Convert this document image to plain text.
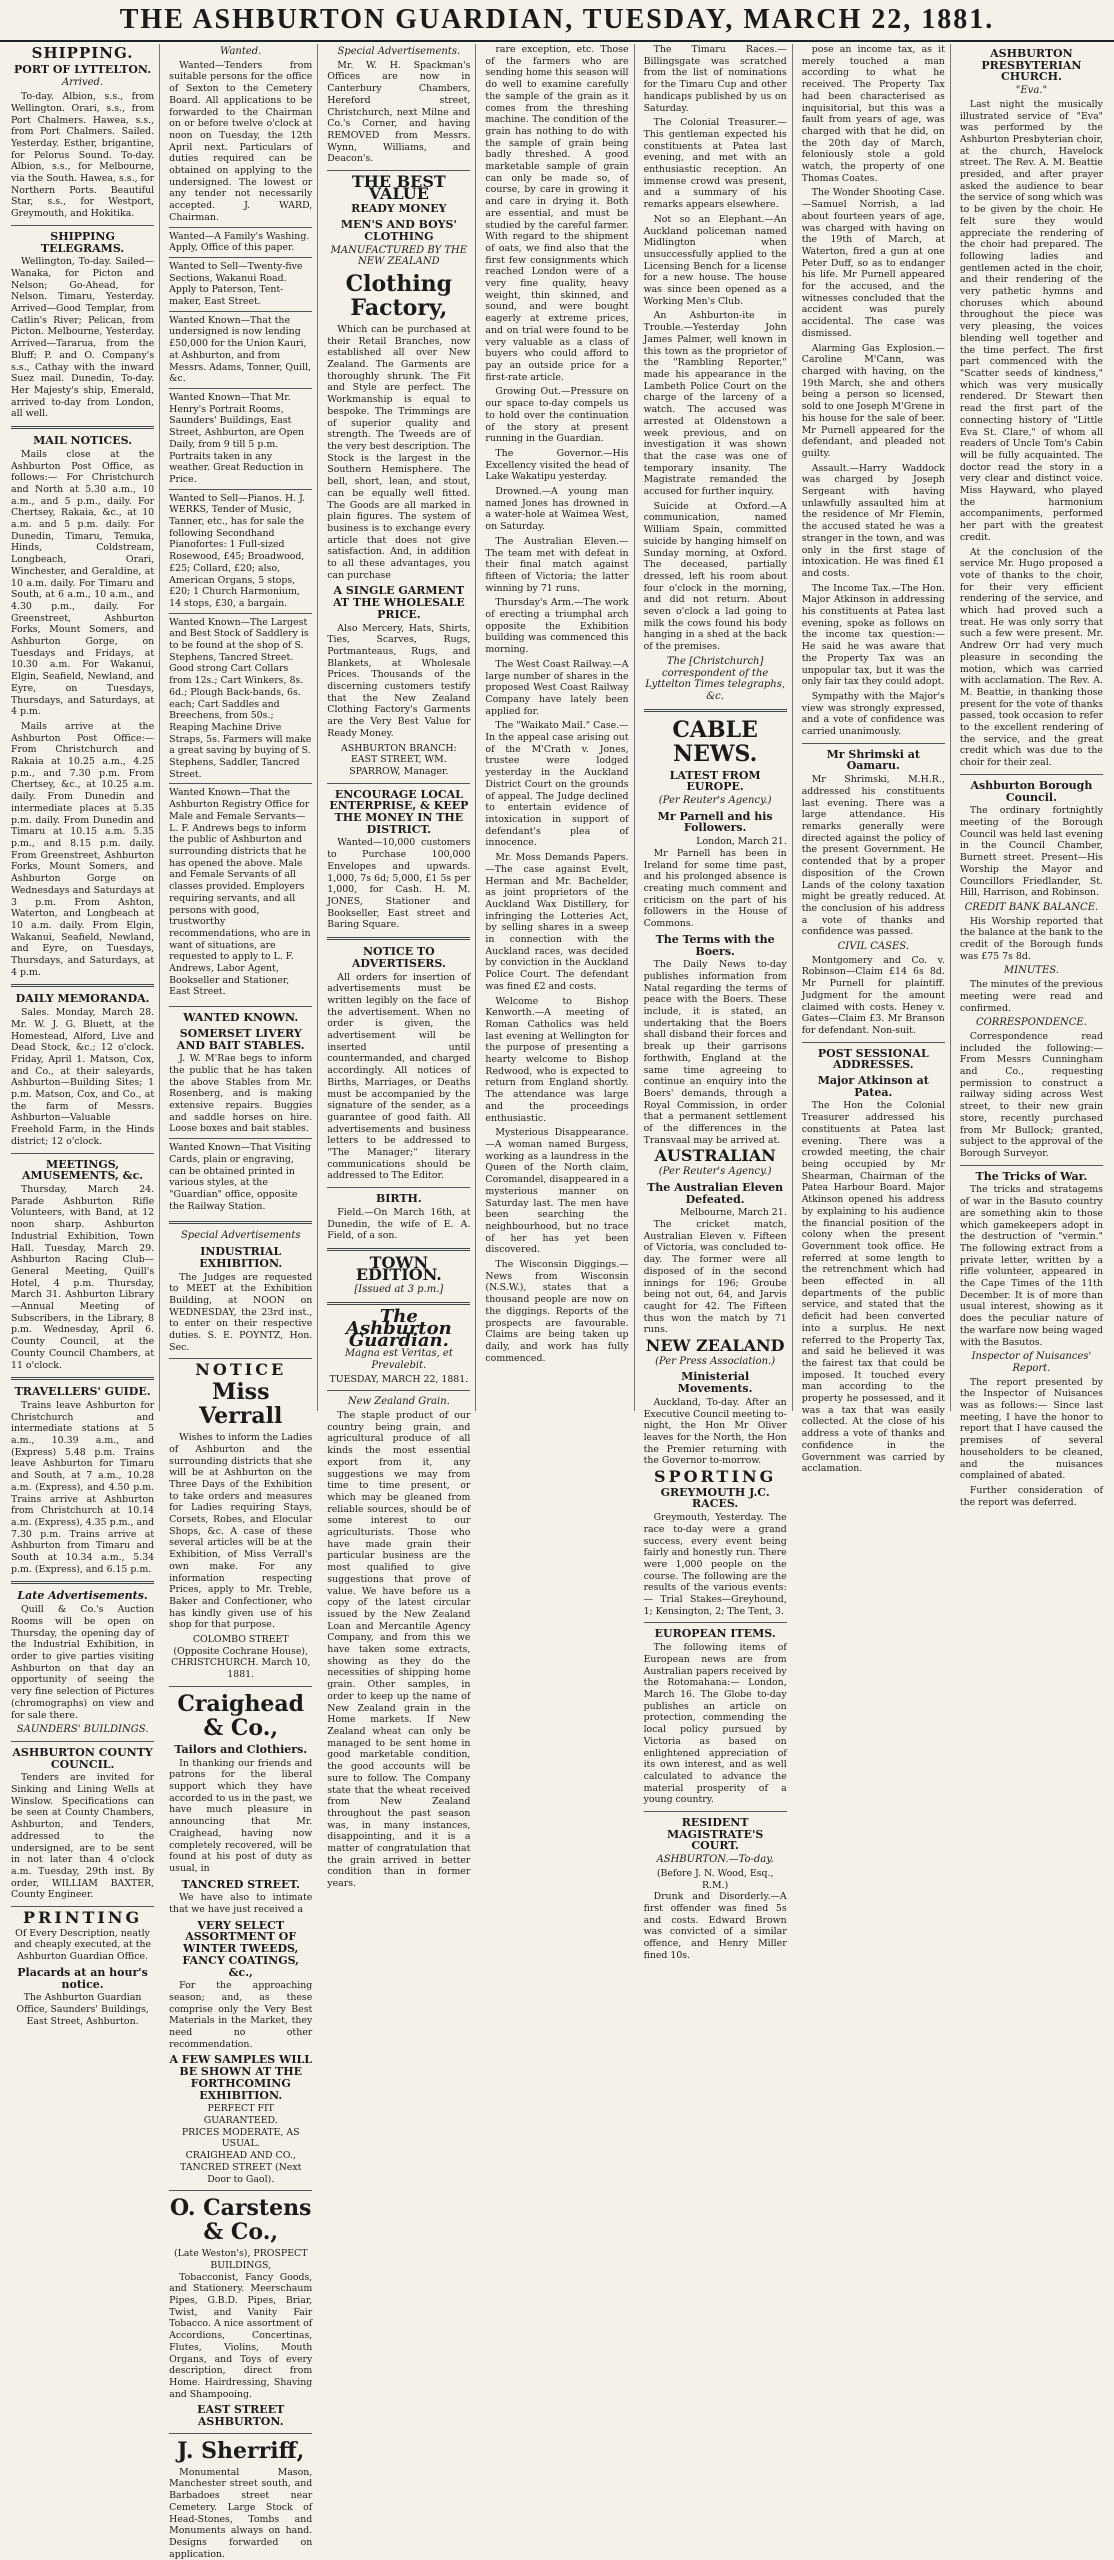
THE ASHBURTON GUARDIAN, TUESDAY, MARCH 22, 1881.
SHIPPING.
PORT OF LYTTELTON.
Arrived.

To-day. Albion, s.s., from Wellington. Orari, s.s., from Port Chalmers. Hawea, s.s., from Port Chalmers. Sailed. Yesterday. Esther, brigantine, for Pelorus Sound. To-day. Albion, s.s., for Melbourne, via the South. Hawea, s.s., for Northern Ports. Beautiful Star, s.s., for Westport, Greymouth, and Hokitika.

SHIPPING TELEGRAMS.

Wellington, To-day. Sailed—Wanaka, for Picton and Nelson; Go-Ahead, for Nelson. Timaru, Yesterday. Arrived—Good Templar, from Catlin's River; Pelican, from Picton. Melbourne, Yesterday. Arrived—Tararua, from the Bluff; P. and O. Company's s.s., Cathay with the inward Suez mail. Dunedin, To-day. Her Majesty's ship, Emerald, arrived to-day from London, all well.

MAIL NOTICES.

Mails close at the Ashburton Post Office, as follows:— For Christchurch and North at 5.30 a.m., 10 a.m., and 5 p.m., daily. For Chertsey, Rakaia, &c., at 10 a.m. and 5 p.m. daily. For Dunedin, Timaru, Temuka, Hinds, Coldstream, Longbeach, Orari, Winchester, and Geraldine, at 10 a.m. daily. For Timaru and South, at 6 a.m., 10 a.m., and 4.30 p.m., daily. For Greenstreet, Ashburton Forks, Mount Somers, and Ashburton Gorge, on Tuesdays and Fridays, at 10.30 a.m. For Wakanui, Elgin, Seafield, Newland, and Eyre, on Tuesdays, Thursdays, and Saturdays, at 4 p.m.

Mails arrive at the Ashburton Post Office:— From Christchurch and Rakaia at 10.25 a.m., 4.25 p.m., and 7.30 p.m. From Chertsey, &c., at 10.25 a.m. daily. From Dunedin and intermediate places at 5.35 p.m. daily. From Dunedin and Timaru at 10.15 a.m. 5.35 p.m., and 8.15 p.m. daily. From Greenstreet, Ashburton Forks, Mount Somers, and Ashburton Gorge on Wednesdays and Saturdays at 3 p.m. From Ashton, Waterton, and Longbeach at 10 a.m. daily. From Elgin, Wakanui, Seafield, Newland, and Eyre, on Tuesdays, Thursdays, and Saturdays, at 4 p.m.

DAILY MEMORANDA.

Sales. Monday, March 28. Mr. W. J. G. Bluett, at the Homestead, Alford, Live and Dead Stock, &c.; 12 o'clock. Friday, April 1. Matson, Cox, and Co., at their saleyards, Ashburton—Building Sites; 1 p.m. Matson, Cox, and Co., at the farm of Messrs. Ashburton—Valuable Freehold Farm, in the Hinds district; 12 o'clock.

MEETINGS, AMUSEMENTS, &c.

Thursday, March 24. Parade Ashburton Rifle Volunteers, with Band, at 12 noon sharp. Ashburton Industrial Exhibition, Town Hall. Tuesday, March 29. Ashburton Racing Club—General Meeting, Quill's Hotel, 4 p.m. Thursday, March 31. Ashburton Library—Annual Meeting of Subscribers, in the Library, 8 p.m. Wednesday, April 6. County Council, at the County Council Chambers, at 11 o'clock.

TRAVELLERS' GUIDE.

Trains leave Ashburton for Christchurch and intermediate stations at 5 a.m., 10.39 a.m., and (Express) 5.48 p.m. Trains leave Ashburton for Timaru and South, at 7 a.m., 10.28 a.m. (Express), and 4.50 p.m. Trains arrive at Ashburton from Christchurch at 10.14 a.m. (Express), 4.35 p.m., and 7.30 p.m. Trains arrive at Ashburton from Timaru and South at 10.34 a.m., 5.34 p.m. (Express), and 6.15 p.m.

Late Advertisements.

Quill & Co.'s Auction Rooms will be open on Thursday, the opening day of the Industrial Exhibition, in order to give parties visiting Ashburton on that day an opportunity of seeing the very fine selection of Pictures (chromographs) on view and for sale there.

SAUNDERS' BUILDINGS.
ASHBURTON COUNTY COUNCIL.

Tenders are invited for Sinking and Lining Wells at Winslow. Specifications can be seen at County Chambers, Ashburton, and Tenders, addressed to the undersigned, are to be sent in not later than 4 o'clock a.m. Tuesday, 29th inst. By order, WILLIAM BAXTER, County Engineer.

PRINTING
Of Every Description, neatly and cheaply executed, at the Ashburton Guardian Office.
Placards at an hour's notice.
The Ashburton Guardian Office, Saunders' Buildings, East Street, Ashburton.
Wanted.

Wanted—Tenders from suitable persons for the office of Sexton to the Cemetery Board. All applications to be forwarded to the Chairman on or before twelve o'clock at noon on Tuesday, the 12th April next. Particulars of duties required can be obtained on applying to the undersigned. The lowest or any tender not necessarily accepted. J. WARD, Chairman.

Wanted—A Family's Washing. Apply, Office of this paper.
Wanted to Sell—Twenty-five Sections, Wakanui Road. Apply to Paterson, Tent-maker, East Street.
Wanted Known—That the undersigned is now lending £50,000 for the Union Kauri, at Ashburton, and from Messrs. Adams, Tonner, Quill, &c.
Wanted Known—That Mr. Henry's Portrait Rooms, Saunders' Buildings, East Street, Ashburton, are Open Daily, from 9 till 5 p.m. Portraits taken in any weather. Great Reduction in Price.
Wanted to Sell—Pianos. H. J. WERKS, Tender of Music, Tanner, etc., has for sale the following Secondhand Pianofortes: 1 Full-sized Rosewood, £45; Broadwood, £25; Collard, £20; also, American Organs, 5 stops, £20; 1 Church Harmonium, 14 stops, £30, a bargain.
Wanted Known—The Largest and Best Stock of Saddlery is to be found at the shop of S. Stephens, Tancred Street. Good strong Cart Collars from 12s.; Cart Winkers, 8s. 6d.; Plough Back-bands, 6s. each; Cart Saddles and Breechens, from 50s.; Reaping Machine Drive Straps, 5s. Farmers will make a great saving by buying of S. Stephens, Saddler, Tancred Street.
Wanted Known—That the Ashburton Registry Office for Male and Female Servants—L. F. Andrews begs to inform the public of Ashburton and surrounding districts that he has opened the above. Male and Female Servants of all classes provided. Employers requiring servants, and all persons with good, trustworthy recommendations, who are in want of situations, are requested to apply to L. F. Andrews, Labor Agent, Bookseller and Stationer, East Street.
WANTED KNOWN.
SOMERSET LIVERY AND BAIT STABLES.

J. W. M'Rae begs to inform the public that he has taken the above Stables from Mr. Rosenberg, and is making extensive repairs. Buggies and saddle horses on hire. Loose boxes and bait stables.

Wanted Known—That Visiting Cards, plain or engraving, can be obtained printed in various styles, at the "Guardian" office, opposite the Railway Station.
Special Advertisements
INDUSTRIAL EXHIBITION.

The Judges are requested to MEET at the Exhibition Building, at NOON on WEDNESDAY, the 23rd inst., to enter on their respective duties. S. E. POYNTZ, Hon. Sec.

NOTICE
Miss Verrall

Wishes to inform the Ladies of Ashburton and the surrounding districts that she will be at Ashburton on the Three Days of the Exhibition to take orders and measures for Ladies requiring Stays, Corsets, Robes, and Elocular Shops, &c. A case of these several articles will be at the Exhibition, of Miss Verrall's own make. For any information respecting Prices, apply to Mr. Treble, Baker and Confectioner, who has kindly given use of his shop for that purpose.

COLOMBO STREET (Opposite Cochrane House), CHRISTCHURCH. March 10, 1881.
Craighead & Co.,
Tailors and Clothiers.

In thanking our friends and patrons for the liberal support which they have accorded to us in the past, we have much pleasure in announcing that Mr. Craighead, having now completely recovered, will be found at his post of duty as usual, in

TANCRED STREET.

We have also to intimate that we have just received a

VERY SELECT ASSORTMENT OF WINTER TWEEDS, FANCY COATINGS, &c.,

For the approaching season; and, as these comprise only the Very Best Materials in the Market, they need no other recommendation.

A FEW SAMPLES WILL BE SHOWN AT THE FORTHCOMING EXHIBITION.
PERFECT FIT GUARANTEED.
PRICES MODERATE, AS USUAL.
CRAIGHEAD AND CO., TANCRED STREET (Next Door to Gaol).
O. Carstens & Co.,
(Late Weston's), PROSPECT BUILDINGS,

Tobacconist, Fancy Goods, and Stationery. Meerschaum Pipes, G.B.D. Pipes, Briar, Twist, and Vanity Fair Tobacco. A nice assortment of Accordions, Concertinas, Flutes, Violins, Mouth Organs, and Toys of every description, direct from Home. Hairdressing, Shaving and Shampooing.

EAST STREET ASHBURTON.
J. Sherriff,

Monumental Mason, Manchester street south, and Barbadoes street near Cemetery. Large Stock of Head-Stones, Tombs and Monuments always on hand. Designs forwarded on application.

Special Advertisements.

Mr. W. H. Spackman's Offices are now in Canterbury Chambers, Hereford street, Christchurch, next Milne and Co.'s Corner, and having REMOVED from Messrs. Wynn, Williams, and Deacon's.

THE BEST VALUE
READY MONEY
MEN'S AND BOYS' CLOTHING
MANUFACTURED BY THE NEW ZEALAND
Clothing Factory,

Which can be purchased at their Retail Branches, now established all over New Zealand. The Garments are thoroughly shrunk. The Fit and Style are perfect. The Workmanship is equal to bespoke. The Trimmings are of superior quality and strength. The Tweeds are of the very best description. The Stock is the largest in the Southern Hemisphere. The bell, short, lean, and stout, can be equally well fitted. The Goods are all marked in plain figures. The system of business is to exchange every article that does not give satisfaction. And, in addition to all these advantages, you can purchase

A SINGLE GARMENT AT THE WHOLESALE PRICE.

Also Mercery, Hats, Shirts, Ties, Scarves, Rugs, Portmanteaus, Rugs, and Blankets, at Wholesale Prices. Thousands of the discerning customers testify that the New Zealand Clothing Factory's Garments are the Very Best Value for Ready Money.

ASHBURTON BRANCH: EAST STREET, WM. SPARROW, Manager.
ENCOURAGE LOCAL ENTERPRISE, & KEEP THE MONEY IN THE DISTRICT.

Wanted—10,000 customers to Purchase 100,000 Envelopes and upwards. 1,000, 7s 6d; 5,000, £1 5s per 1,000, for Cash. H. M. JONES, Stationer and Bookseller, East street and Baring Square.

NOTICE TO ADVERTISERS.

All orders for insertion of advertisements must be written legibly on the face of the advertisement. When no order is given, the advertisement will be inserted until countermanded, and charged accordingly. All notices of Births, Marriages, or Deaths must be accompanied by the signature of the sender, as a guarantee of good faith. All advertisements and business letters to be addressed to "The Manager;" literary communications should be addressed to The Editor.

BIRTH.

Field.—On March 16th, at Dunedin, the wife of E. A. Field, of a son.

TOWN EDITION.
[Issued at 3 p.m.]
The Ashburton Guardian.
Magna est Veritas, et Prevalebit.
TUESDAY, MARCH 22, 1881.
New Zealand Grain.

The staple product of our country being grain, and agricultural produce of all kinds the most essential export from it, any suggestions we may from time to time present, or which may be gleaned from reliable sources, should be of some interest to our agriculturists. Those who have made grain their particular business are the most qualified to give suggestions that prove of value. We have before us a copy of the latest circular issued by the New Zealand Loan and Mercantile Agency Company, and from this we have taken some extracts, showing as they do the necessities of shipping home grain. Other samples, in order to keep up the name of New Zealand grain in the Home markets. If New Zealand wheat can only be managed to be sent home in good marketable condition, the good accounts will be sure to follow. The Company state that the wheat received from New Zealand throughout the past season was, in many instances, disappointing, and it is a matter of congratulation that the grain arrived in better condition than in former years.

rare exception, etc. Those of the farmers who are sending home this season will do well to examine carefully the sample of the grain as it comes from the threshing machine. The condition of the grain has nothing to do with the sample of grain being badly threshed. A good marketable sample of grain can only be made so, of course, by care in growing it and care in drying it. Both are essential, and must be studied by the careful farmer. With regard to the shipment of oats, we find also that the first few consignments which reached London were of a very fine quality, heavy weight, thin skinned, and sound, and were bought eagerly at extreme prices, and on trial were found to be very valuable as a class of buyers who could afford to pay an outside price for a first-rate article.

Growing Out.—Pressure on our space to-day compels us to hold over the continuation of the story at present running in the Guardian.

The Governor.—His Excellency visited the head of Lake Wakatipu yesterday.

Drowned.—A young man named Jones has drowned in a water-hole at Waimea West, on Saturday.

The Australian Eleven.—The team met with defeat in their final match against fifteen of Victoria; the latter winning by 71 runs.

Thursday's Arm.—The work of erecting a triumphal arch opposite the Exhibition building was commenced this morning.

The West Coast Railway.—A large number of shares in the proposed West Coast Railway Company have lately been applied for.

The "Waikato Mail." Case.—In the appeal case arising out of the M'Crath v. Jones, trustee were lodged yesterday in the Auckland District Court on the grounds of appeal. The Judge declined to entertain evidence of intoxication in support of defendant's plea of innocence.

Mr. Moss Demands Papers.—The case against Evelt, Herman and Mr. Bachelder, as joint proprietors of the Auckland Wax Distillery, for infringing the Lotteries Act, by selling shares in a sweep in connection with the Auckland races, was decided by conviction in the Auckland Police Court. The defendant was fined £2 and costs.

Welcome to Bishop Kenworth.—A meeting of Roman Catholics was held last evening at Wellington for the purpose of presenting a hearty welcome to Bishop Redwood, who is expected to return from England shortly. The attendance was large and the proceedings enthusiastic.

Mysterious Disappearance.—A woman named Burgess, working as a laundress in the Queen of the North claim, Coromandel, disappeared in a mysterious manner on Saturday last. The men have been searching the neighbourhood, but no trace of her has yet been discovered.

The Wisconsin Diggings.—News from Wisconsin (N.S.W.), states that a thousand people are now on the diggings. Reports of the prospects are favourable. Claims are being taken up daily, and work has fully commenced.

The Timaru Races.—Billingsgate was scratched from the list of nominations for the Timaru Cup and other handicaps published by us on Saturday.

The Colonial Treasurer.—This gentleman expected his constituents at Patea last evening, and met with an enthusiastic reception. An immense crowd was present, and a summary of his remarks appears elsewhere.

Not so an Elephant.—An Auckland policeman named Midlington when unsuccessfully applied to the Licensing Bench for a license for a new house. The house was since been opened as a Working Men's Club.

An Ashburton-ite in Trouble.—Yesterday John James Palmer, well known in this town as the proprietor of the "Rambling Reporter," made his appearance in the Lambeth Police Court on the charge of the larceny of a watch. The accused was arrested at Oldenstown a week previous, and on investigation it was shown that the case was one of temporary insanity. The Magistrate remanded the accused for further inquiry.

Suicide at Oxford.—A communication, named William Spain, committed suicide by hanging himself on Sunday morning, at Oxford. The deceased, partially dressed, left his room about four o'clock in the morning, and did not return. About seven o'clock a lad going to milk the cows found his body hanging in a shed at the back of the premises.

The [Christchurch] correspondent of the Lyttelton Times telegraphs, &c.
CABLE NEWS.
LATEST FROM EUROPE.
(Per Reuter's Agency.)
Mr Parnell and his Followers.
London, March 21.

Mr Parnell has been in Ireland for some time past, and his prolonged absence is creating much comment and criticism on the part of his followers in the House of Commons.

The Terms with the Boers.

The Daily News to-day publishes information from Natal regarding the terms of peace with the Boers. These include, it is stated, an undertaking that the Boers shall disband their forces and break up their garrisons forthwith, England at the same time agreeing to continue an enquiry into the Boers' demands, through a Royal Commission, in order that a permanent settlement of the differences in the Transvaal may be arrived at.

AUSTRALIAN
(Per Reuter's Agency.)
The Australian Eleven Defeated.
Melbourne, March 21.

The cricket match, Australian Eleven v. Fifteen of Victoria, was concluded to-day. The former were all disposed of in the second innings for 196; Groube being not out, 64, and Jarvis caught for 42. The Fifteen thus won the match by 71 runs.

NEW ZEALAND
(Per Press Association.)
Ministerial Movements.

Auckland, To-day. After an Executive Council meeting to-night, the Hon Mr Oliver leaves for the North, the Hon the Premier returning with the Governor to-morrow.

SPORTING
GREYMOUTH J.C. RACES.

Greymouth, Yesterday. The race to-day were a grand success, every event being fairly and honestly run. There were 1,000 people on the course. The following are the results of the various events:— Trial Stakes—Greyhound, 1; Kensington, 2; The Tent, 3.

EUROPEAN ITEMS.

The following items of European news are from Australian papers received by the Rotomahana:— London, March 16. The Globe to-day publishes an article on protection, commending the local policy pursued by Victoria as based on enlightened appreciation of its own interest, and as well calculated to advance the material prosperity of a young country.

RESIDENT MAGISTRATE'S COURT.
ASHBURTON.—To-day.
(Before J. N. Wood, Esq., R.M.)

Drunk and Disorderly.—A first offender was fined 5s and costs. Edward Brown was convicted of a similar offence, and Henry Miller fined 10s.

pose an income tax, as it merely touched a man according to what he received. The Property Tax had been characterised as inquisitorial, but this was a fault from years of age, was charged with that he did, on the 20th day of March, feloniously stole a gold watch, the property of one Thomas Coates.

The Wonder Shooting Case.—Samuel Norrish, a lad about fourteen years of age, was charged with having on the 19th of March, at Waterton, fired a gun at one Peter Duff, so as to endanger his life. Mr Purnell appeared for the accused, and the witnesses concluded that the accident was purely accidental. The case was dismissed.

Alarming Gas Explosion.—Caroline M'Cann, was charged with having, on the 19th March, she and others being a person so licensed, sold to one Joseph M'Grene in his house for the sale of beer. Mr Purnell appeared for the defendant, and pleaded not guilty.

Assault.—Harry Waddock was charged by Joseph Sergeant with having unlawfully assaulted him at the residence of Mr Flemin, the accused stated he was a stranger in the town, and was only in the first stage of intoxication. He was fined £1 and costs.

The Income Tax.—The Hon. Major Atkinson in addressing his constituents at Patea last evening, spoke as follows on the income tax question:— He said he was aware that the Property Tax was an unpopular tax, but it was the only fair tax they could adopt.

Sympathy with the Major's view was strongly expressed, and a vote of confidence was carried unanimously.

Mr Shrimski at Oamaru.

Mr Shrimski, M.H.R., addressed his constituents last evening. There was a large attendance. His remarks generally were directed against the policy of the present Government. He contended that by a proper disposition of the Crown Lands of the colony taxation might be greatly reduced. At the conclusion of his address a vote of thanks and confidence was passed.

CIVIL CASES.

Montgomery and Co. v. Robinson—Claim £14 6s 8d. Mr Purnell for plaintiff. Judgment for the amount claimed with costs. Heney v. Gates—Claim £3. Mr Branson for defendant. Non-suit.

POST SESSIONAL ADDRESSES.
Major Atkinson at Patea.

The Hon the Colonial Treasurer addressed his constituents at Patea last evening. There was a crowded meeting, the chair being occupied by Mr Shearman, Chairman of the Patea Harbour Board. Major Atkinson opened his address by explaining to his audience the financial position of the colony when the present Government took office. He referred at some length to the retrenchment which had been effected in all departments of the public service, and stated that the deficit had been converted into a surplus. He next referred to the Property Tax, and said he believed it was the fairest tax that could be imposed. It touched every man according to the property he possessed, and it was a tax that was easily collected. At the close of his address a vote of thanks and confidence in the Government was carried by acclamation.

ASHBURTON PRESBYTERIAN CHURCH.
"Eva."

Last night the musically illustrated service of "Eva" was performed by the Ashburton Presbyterian choir, at the church, Havelock street. The Rev. A. M. Beattie presided, and after prayer asked the audience to bear the service of song which was to be given by the choir. He felt sure they would appreciate the rendering of the choir had prepared. The following ladies and gentlemen acted in the choir, and their rendering of the very pathetic hymns and choruses which abound throughout the piece was very pleasing, the voices blending well together and the time perfect. The first part commenced with the "Scatter seeds of kindness," which was very musically rendered. Dr Stewart then read the first part of the connecting history of "Little Eva St. Clare," of whom all readers of Uncle Tom's Cabin will be fully acquainted. The doctor read the story in a very clear and distinct voice. Miss Hayward, who played the harmonium accompaniments, performed her part with the greatest credit.

At the conclusion of the service Mr. Hugo proposed a vote of thanks to the choir, for their very efficient rendering of the service, and which had proved such a treat. He was only sorry that such a few were present. Mr. Andrew Orr had very much pleasure in seconding the motion, which was carried with acclamation. The Rev. A. M. Beattie, in thanking those present for the vote of thanks passed, took occasion to refer to the excellent rendering of the service, and the great credit which was due to the choir for their zeal.

Ashburton Borough Council.

The ordinary fortnightly meeting of the Borough Council was held last evening in the Council Chamber, Burnett street. Present—His Worship the Mayor and Councillors Friedlander, St. Hill, Harrison, and Robinson.

CREDIT BANK BALANCE.

His Worship reported that the balance at the bank to the credit of the Borough funds was £75 7s 8d.

MINUTES.

The minutes of the previous meeting were read and confirmed.

CORRESPONDENCE.

Correspondence read included the following:— From Messrs Cunningham and Co., requesting permission to construct a railway siding across West street, to their new grain store, recently purchased from Mr Bullock; granted, subject to the approval of the Borough Surveyor.

The Tricks of War.

The tricks and stratagems of war in the Basuto country are something akin to those which gamekeepers adopt in the destruction of "vermin." The following extract from a private letter, written by a rifle volunteer, appeared in the Cape Times of the 11th December. It is of more than usual interest, showing as it does the peculiar nature of the warfare now being waged with the Basutos.

Inspector of Nuisances' Report.

The report presented by the Inspector of Nuisances was as follows:— Since last meeting, I have the honor to report that I have caused the premises of several householders to be cleaned, and the nuisances complained of abated.

Further consideration of the report was deferred.
